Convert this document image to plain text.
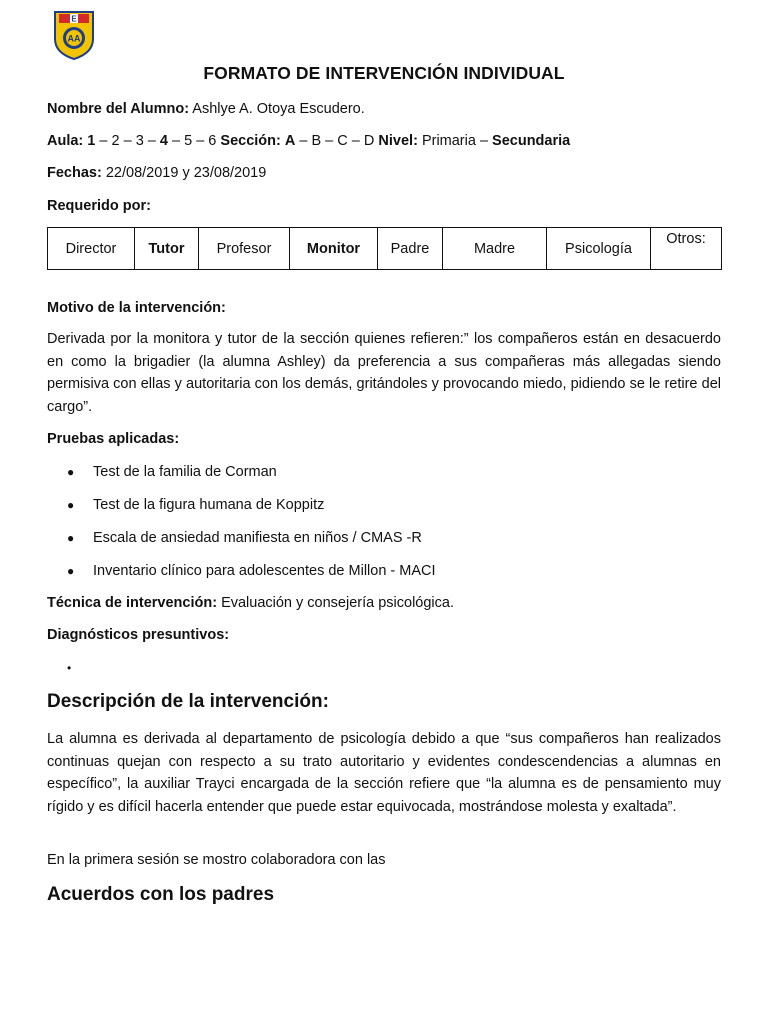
E
AA
FORMATO DE INTERVENCIÓN INDIVIDUAL
Nombre del Alumno: Ashlye A. Otoya Escudero.
Aula: 1 – 2 – 3 – 4 – 5 – 6 Sección: A – B – C – D Nivel: Primaria – Secundaria
Fechas: 22/08/2019 y 23/08/2019
Requerido por:
Director	Tutor	Profesor	Monitor	Padre	Madre	Psicología	Otros:
Motivo de la intervención:
Derivada por la monitora y tutor de la sección quienes refieren:” los compañeros están en desacuerdo en como la brigadier (la alumna Ashley) da preferencia a sus compañeras más allegadas siendo permisiva con ellas y autoritaria con los demás, gritándoles y provocando miedo, pidiendo se le retire del cargo”.
Pruebas aplicadas:
● Test de la familia de Corman
● Test de la figura humana de Koppitz
● Escala de ansiedad manifiesta en niños / CMAS -R
● Inventario clínico para adolescentes de Millon - MACI
Técnica de intervención: Evaluación y consejería psicológica.
Diagnósticos presuntivos:
•
Descripción de la intervención:
La alumna es derivada al departamento de psicología debido a que “sus compañeros han realizados continuas quejan con respecto a su trato autoritario y evidentes condescendencias a alumnas en específico”, la auxiliar Trayci encargada de la sección refiere que “la alumna es de pensamiento muy rígido y es difícil hacerla entender que puede estar equivocada, mostrándose molesta y exaltada”.
En la primera sesión se mostro colaboradora con las
Acuerdos con los padres
